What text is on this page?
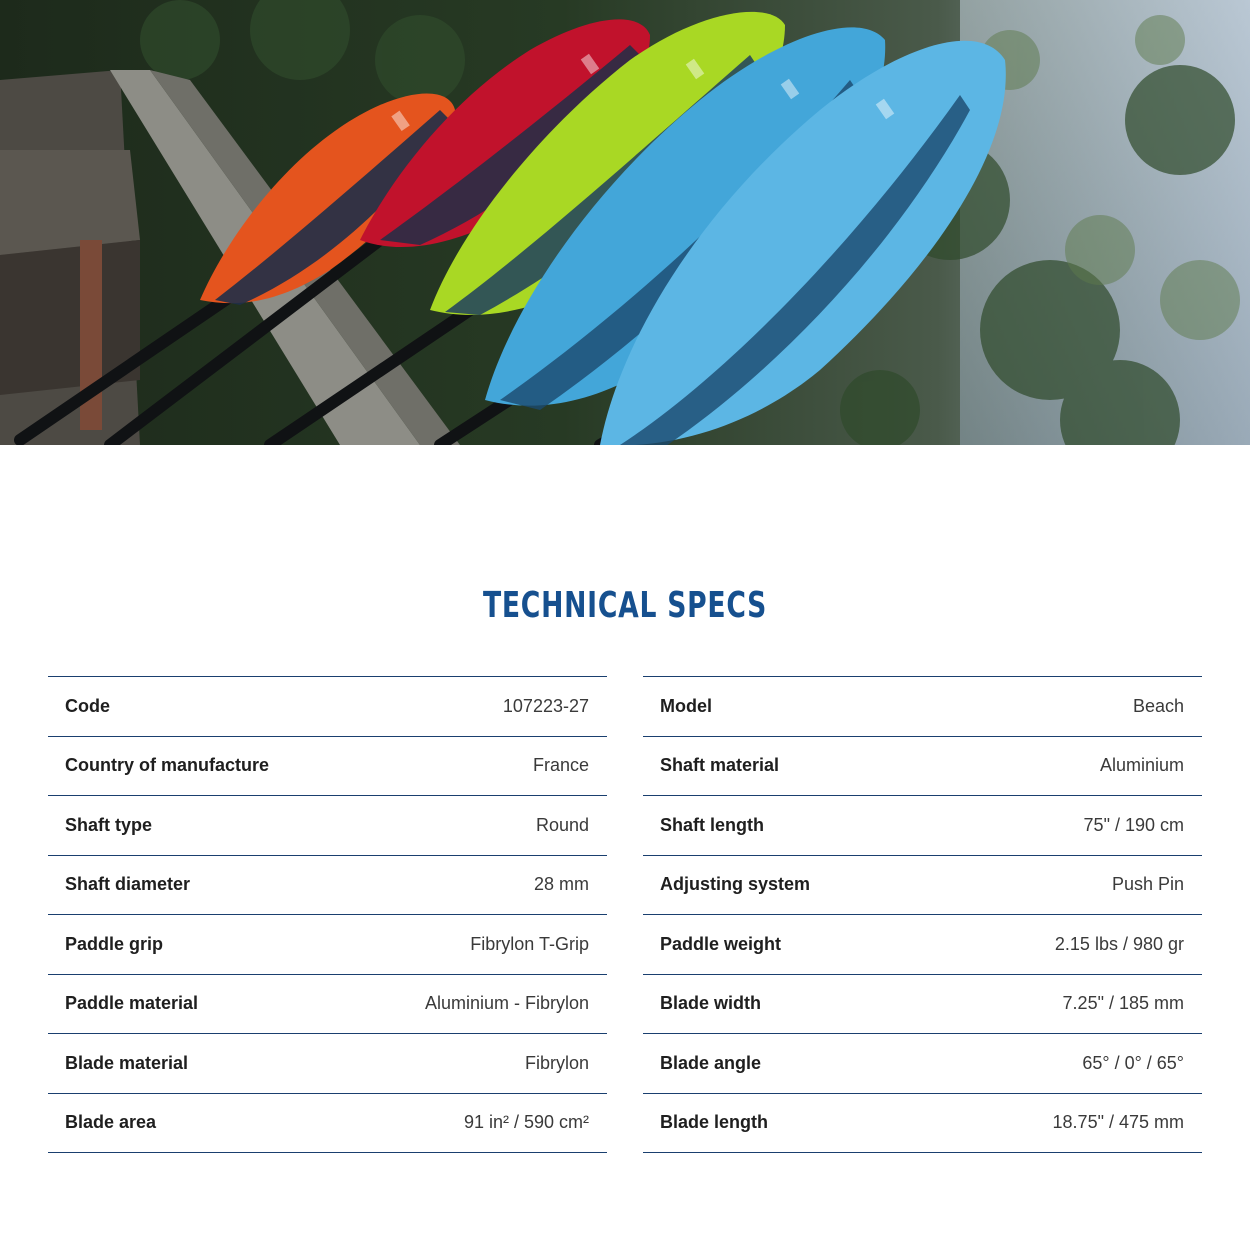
TECHNICAL SPECS
Code	107223-27
Country of manufacture	France
Shaft type	Round
Shaft diameter	28 mm
Paddle grip	Fibrylon T-Grip
Paddle material	Aluminium - Fibrylon
Blade material	Fibrylon
Blade area	91 in² / 590 cm²
Model	Beach
Shaft material	Aluminium
Shaft length	75" / 190 cm
Adjusting system	Push Pin
Paddle weight	2.15 lbs / 980 gr
Blade width	7.25" / 185 mm
Blade angle	65° / 0° / 65°
Blade length	18.75" / 475 mm
